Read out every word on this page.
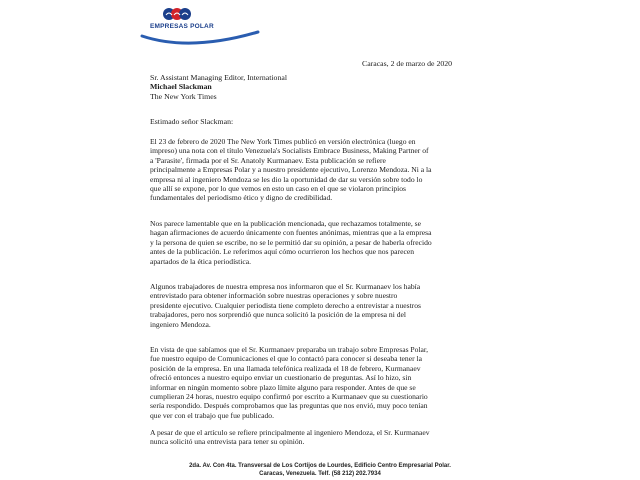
EMPRESAS POLAR
Caracas, 2 de marzo de 2020
Sr. Assistant Managing Editor, International
Michael Slackman
The New York Times
Estimado señor Slackman:
El 23 de febrero de 2020 The New York Times publicó en versión electrónica (luego en
impreso) una nota con el título Venezuela's Socialists Embrace Business, Making Partner of
a 'Parasite', firmada por el Sr. Anatoly Kurmanaev. Esta publicación se refiere
principalmente a Empresas Polar y a nuestro presidente ejecutivo, Lorenzo Mendoza. Ni a la
empresa ni al ingeniero Mendoza se les dio la oportunidad de dar su versión sobre todo lo
que allí se expone, por lo que vemos en esto un caso en el que se violaron principios
fundamentales del periodismo ético y digno de credibilidad.
Nos parece lamentable que en la publicación mencionada, que rechazamos totalmente, se
hagan afirmaciones de acuerdo únicamente con fuentes anónimas, mientras que a la empresa
y la persona de quien se escribe, no se le permitió dar su opinión, a pesar de haberla ofrecido
antes de la publicación. Le referimos aquí cómo ocurrieron los hechos que nos parecen
apartados de la ética periodística.
Algunos trabajadores de nuestra empresa nos informaron que el Sr. Kurmanaev los había
entrevistado para obtener información sobre nuestras operaciones y sobre nuestro
presidente ejecutivo. Cualquier periodista tiene completo derecho a entrevistar a nuestros
trabajadores, pero nos sorprendió que nunca solicitó la posición de la empresa ni del
ingeniero Mendoza.
En vista de que sabíamos que el Sr. Kurmanaev preparaba un trabajo sobre Empresas Polar,
fue nuestro equipo de Comunicaciones el que lo contactó para conocer si deseaba tener la
posición de la empresa. En una llamada telefónica realizada el 18 de febrero, Kurmanaev
ofreció entonces a nuestro equipo enviar un cuestionario de preguntas. Así lo hizo, sin
informar en ningún momento sobre plazo límite alguno para responder. Antes de que se
cumplieran 24 horas, nuestro equipo confirmó por escrito a Kurmanaev que su cuestionario
sería respondido. Después comprobamos que las preguntas que nos envió, muy poco tenían
que ver con el trabajo que fue publicado.
A pesar de que el artículo se refiere principalmente al ingeniero Mendoza, el Sr. Kurmanaev
nunca solicitó una entrevista para tener su opinión.
2da. Av. Con 4ta. Transversal de Los Cortijos de Lourdes, Edificio Centro Empresarial Polar.
Caracas, Venezuela. Telf. (58 212) 202.7934
